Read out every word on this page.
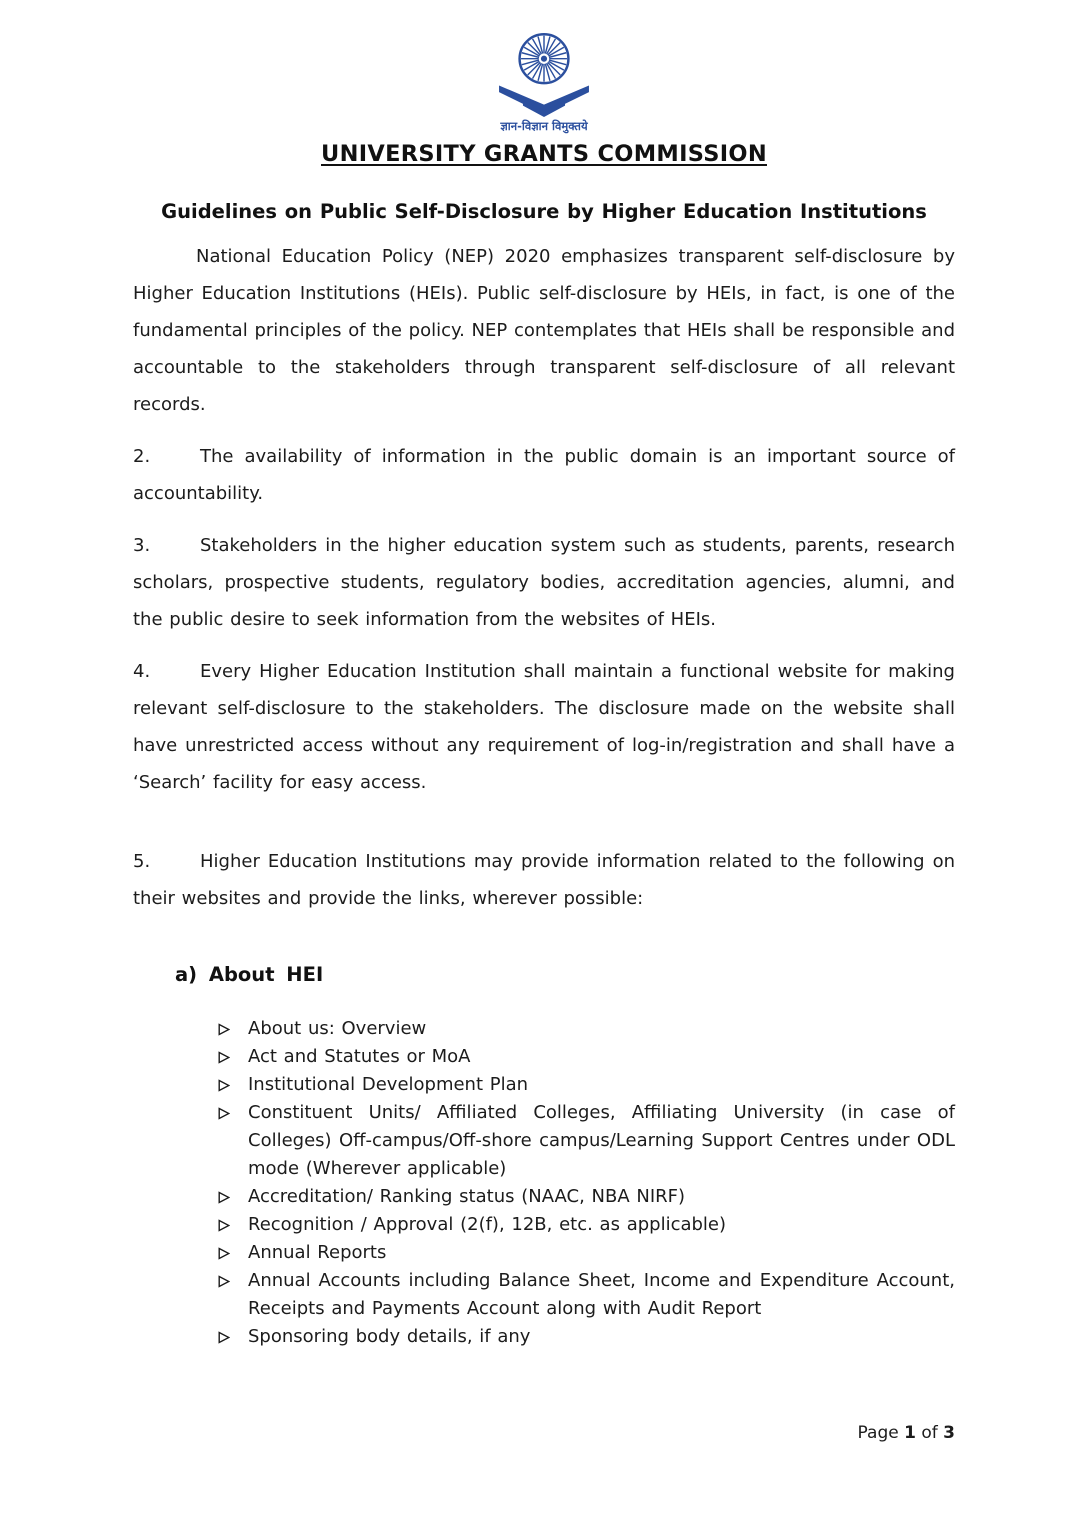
ज्ञान-विज्ञान विमुक्तये
UNIVERSITY GRANTS COMMISSION
Guidelines on Public Self-Disclosure by Higher Education Institutions

National Education Policy (NEP) 2020 emphasizes transparent self-disclosure by Higher Education Institutions (HEIs). Public self-disclosure by HEIs, in fact, is one of the fundamental principles of the policy. NEP contemplates that HEIs shall be responsible and accountable to the stakeholders through transparent self-disclosure of all relevant records.

2.	The availability of information in the public domain is an important source of accountability.

3.	Stakeholders in the higher education system such as students, parents, research scholars, prospective students, regulatory bodies, accreditation agencies, alumni, and the public desire to seek information from the websites of HEIs.

4.	Every Higher Education Institution shall maintain a functional website for making relevant self-disclosure to the stakeholders. The disclosure made on the website shall have unrestricted access without any requirement of log-in/registration and shall have a ‘Search’ facility for easy access.

5.	Higher Education Institutions may provide information related to the following on their websites and provide the links, wherever possible:

a) About HEI
About us: Overview
Act and Statutes or MoA
Institutional Development Plan
Constituent Units/ Affiliated Colleges, Affiliating University (in case of Colleges) Off-campus/Off-shore campus/Learning Support Centres under ODL mode (Wherever applicable)
Accreditation/ Ranking status (NAAC, NBA NIRF)
Recognition / Approval (2(f), 12B, etc. as applicable)
Annual Reports
Annual Accounts including Balance Sheet, Income and Expenditure Account, Receipts and Payments Account along with Audit Report
Sponsoring body details, if any
Page 1 of 3
